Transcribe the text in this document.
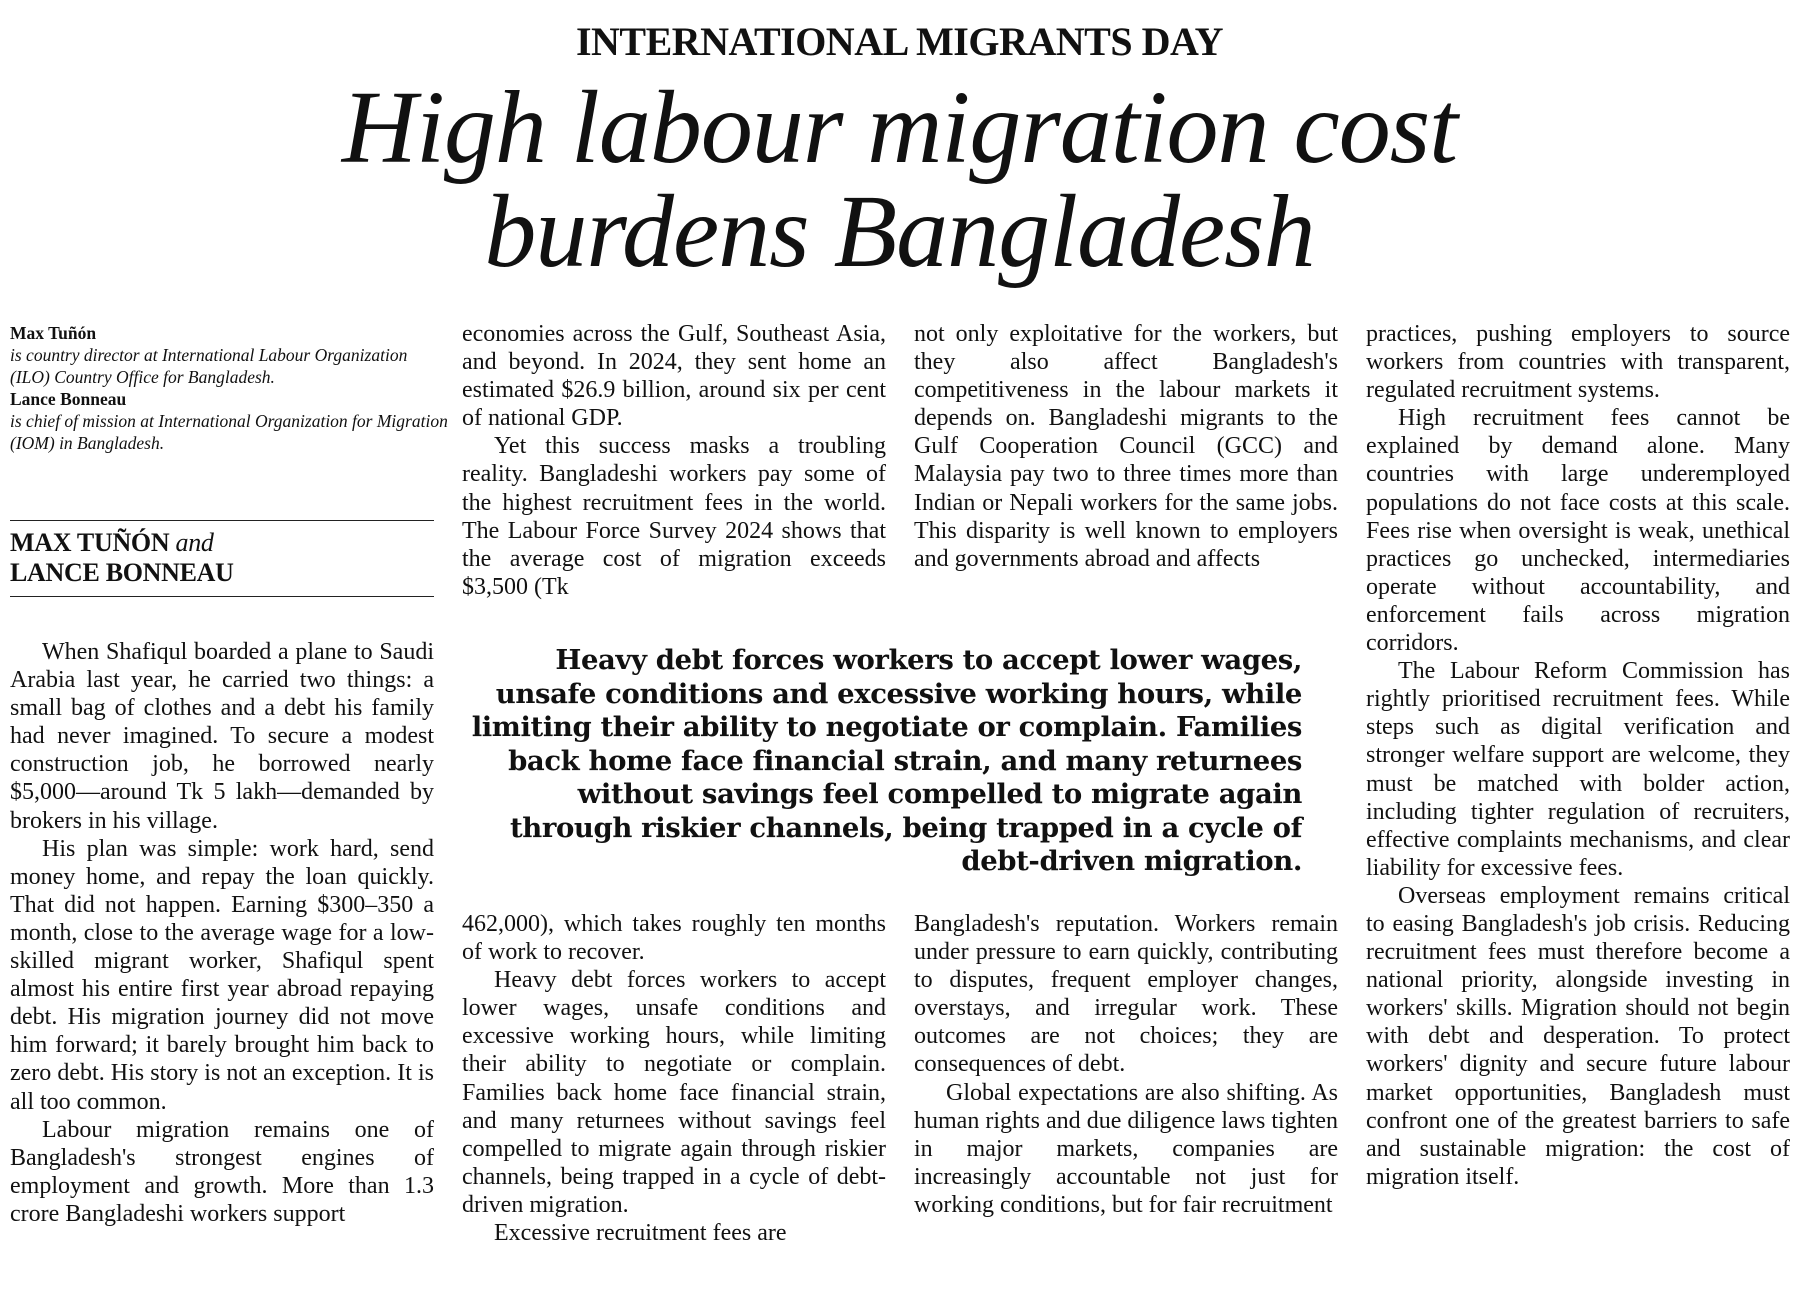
INTERNATIONAL MIGRANTS DAY
High labour migration cost
burdens Bangladesh
Max Tuñón
is country director at International Labour Organization (ILO) Country Office for Bangladesh.
Lance Bonneau
is chief of mission at International Organization for Migration (IOM) in Bangladesh.
MAX TUÑÓN and
LANCE BONNEAU

When Shafiqul boarded a plane to Saudi Arabia last year, he carried two things: a small bag of clothes and a debt his family had never imagined. To secure a modest construction job, he borrowed nearly $5,000—around Tk 5 lakh—demanded by brokers in his village.

His plan was simple: work hard, send money home, and repay the loan quickly. That did not happen. Earning $300–350 a month, close to the average wage for a low-skilled migrant worker, Shafiqul spent almost his entire first year abroad repaying debt. His migration journey did not move him forward; it barely brought him back to zero debt. His story is not an exception. It is all too common.

Labour migration remains one of Bangladesh's strongest engines of employment and growth. More than 1.3 crore Bangladeshi workers support

economies across the Gulf, Southeast Asia, and beyond. In 2024, they sent home an estimated $26.9 billion, around six per cent of national GDP.

Yet this success masks a troubling reality. Bangladeshi workers pay some of the highest recruitment fees in the world. The Labour Force Survey 2024 shows that the average cost of migration exceeds $3,500 (Tk

not only exploitative for the workers, but they also affect Bangladesh's competitiveness in the labour markets it depends on. Bangladeshi migrants to the Gulf Cooperation Council (GCC) and Malaysia pay two to three times more than Indian or Nepali workers for the same jobs. This disparity is well known to employers and governments abroad and affects

Heavy debt forces workers to accept lower wages, unsafe conditions and excessive working hours, while limiting their ability to negotiate or complain. Families back home face financial strain, and many returnees without savings feel compelled to migrate again through riskier channels, being trapped in a cycle of debt-driven migration.

462,000), which takes roughly ten months of work to recover.

Heavy debt forces workers to accept lower wages, unsafe conditions and excessive working hours, while limiting their ability to negotiate or complain. Families back home face financial strain, and many returnees without savings feel compelled to migrate again through riskier channels, being trapped in a cycle of debt-driven migration.

Excessive recruitment fees are

Bangladesh's reputation. Workers remain under pressure to earn quickly, contributing to disputes, frequent employer changes, overstays, and irregular work. These outcomes are not choices; they are consequences of debt.

Global expectations are also shifting. As human rights and due diligence laws tighten in major markets, companies are increasingly accountable not just for working conditions, but for fair recruitment

practices, pushing employers to source workers from countries with transparent, regulated recruitment systems.

High recruitment fees cannot be explained by demand alone. Many countries with large underemployed populations do not face costs at this scale. Fees rise when oversight is weak, unethical practices go unchecked, intermediaries operate without accountability, and enforcement fails across migration corridors.

The Labour Reform Commission has rightly prioritised recruitment fees. While steps such as digital verification and stronger welfare support are welcome, they must be matched with bolder action, including tighter regulation of recruiters, effective complaints mechanisms, and clear liability for excessive fees.

Overseas employment remains critical to easing Bangladesh's job crisis. Reducing recruitment fees must therefore become a national priority, alongside investing in workers' skills. Migration should not begin with debt and desperation. To protect workers' dignity and secure future labour market opportunities, Bangladesh must confront one of the greatest barriers to safe and sustainable migration: the cost of migration itself.
